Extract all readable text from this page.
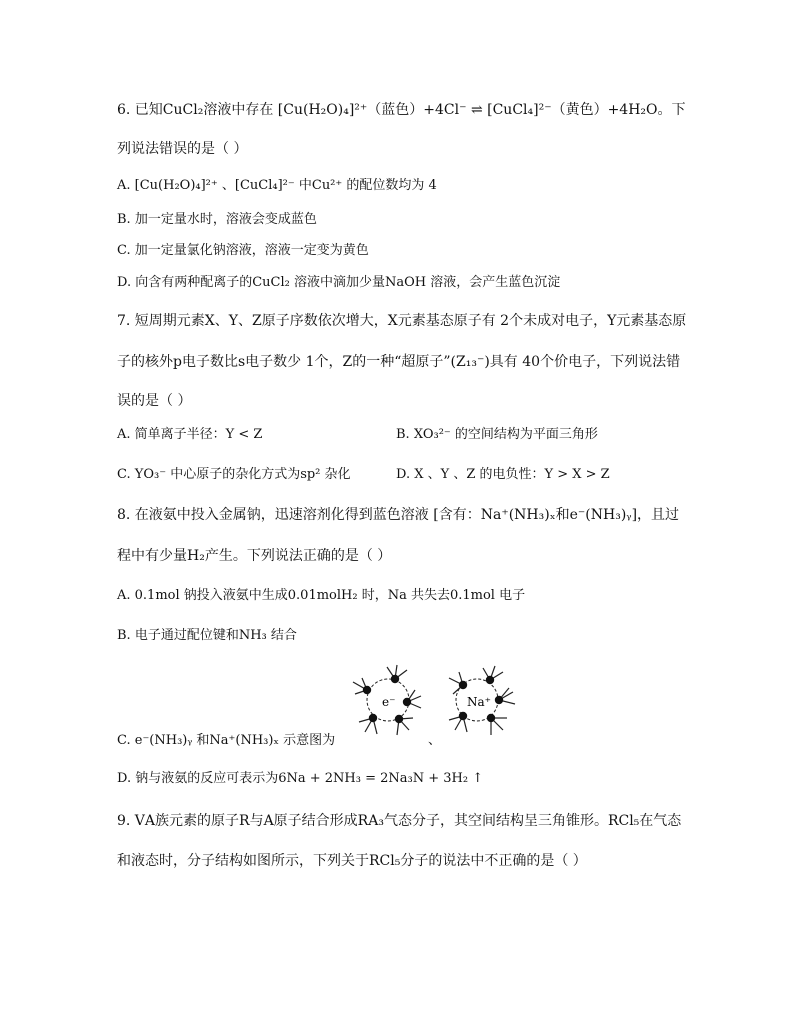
6. 已知CuCl₂溶液中存在 [Cu(H₂O)₄]²⁺（蓝色）+4Cl⁻ ⇌ [CuCl₄]²⁻（黄色）+4H₂O。下
列说法错误的是（ ）
A. [Cu(H₂O)₄]²⁺ 、[CuCl₄]²⁻ 中Cu²⁺ 的配位数均为 4
B. 加一定量水时，溶液会变成蓝色
C. 加一定量氯化钠溶液，溶液一定变为黄色
D. 向含有两种配离子的CuCl₂ 溶液中滴加少量NaOH 溶液，会产生蓝色沉淀
7. 短周期元素X、Y、Z原子序数依次增大，X元素基态原子有 2个未成对电子，Y元素基态原
子的核外p电子数比s电子数少 1个，Z的一种“超原子”(Z₁₃⁻)具有 40个价电子，下列说法错
误的是（ ）
A. 简单离子半径：Y < Z	B. XO₃²⁻ 的空间结构为平面三角形
C. YO₃⁻ 中心原子的杂化方式为sp² 杂化	D. X 、Y 、Z 的电负性：Y > X > Z
8. 在液氨中投入金属钠，迅速溶剂化得到蓝色溶液 [含有：Na⁺(NH₃)ₓ和e⁻(NH₃)ᵧ]，且过
程中有少量H₂产生。下列说法正确的是（ ）
A. 0.1mol 钠投入液氨中生成0.01molH₂ 时，Na 共失去0.1mol 电子
B. 电子通过配位键和NH₃ 结合
e⁻	Na⁺
C. e⁻(NH₃)ᵧ 和Na⁺(NH₃)ₓ 示意图为	、
D. 钠与液氨的反应可表示为6Na + 2NH₃ = 2Na₃N + 3H₂ ↑
9. ⅤA族元素的原子R与A原子结合形成RA₃气态分子，其空间结构呈三角锥形。RCl₅在气态
和液态时，分子结构如图所示，下列关于RCl₅分子的说法中不正确的是（ ）
